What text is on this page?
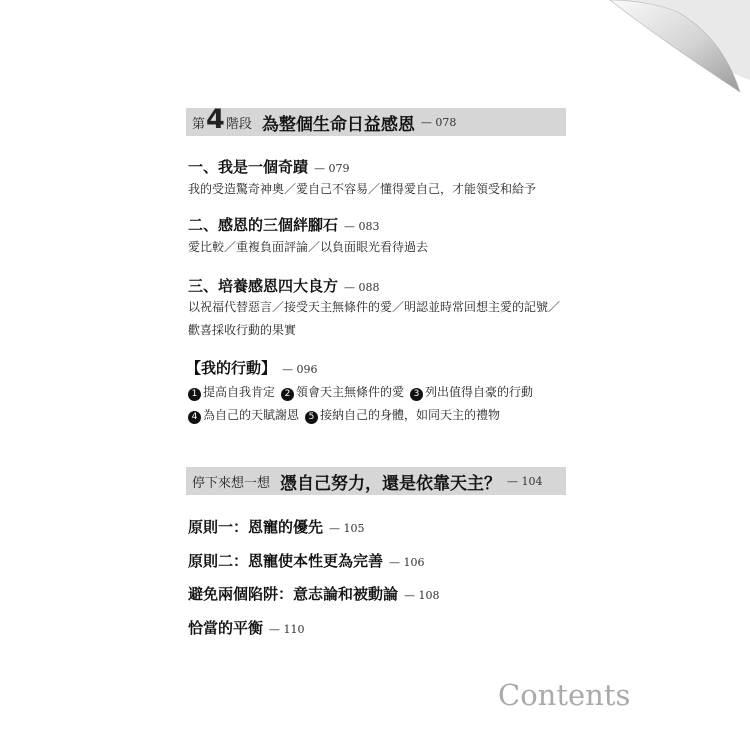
第 4 階段 為整個生命日益感恩 — 078
一、我是一個奇蹟 — 079
我的受造驚奇神奧／愛自己不容易／懂得愛自己，才能領受和給予
二、感恩的三個絆腳石 — 083
愛比較／重複負面評論／以負面眼光看待過去
三、培養感恩四大良方 — 088
以祝福代替惡言／接受天主無條件的愛／明認並時常回想主愛的記號／歡喜採收行動的果實
【我的行動】 — 096
1 提高自我肯定	2 領會天主無條件的愛	3 列出值得自豪的行動
4 為自己的天賦謝恩	5 接納自己的身體，如同天主的禮物
停下來想一想 憑自己努力，還是依靠天主？ — 104
原則一：恩寵的優先 — 105
原則二：恩寵使本性更為完善 — 106
避免兩個陷阱：意志論和被動論 — 108
恰當的平衡 — 110
Contents
